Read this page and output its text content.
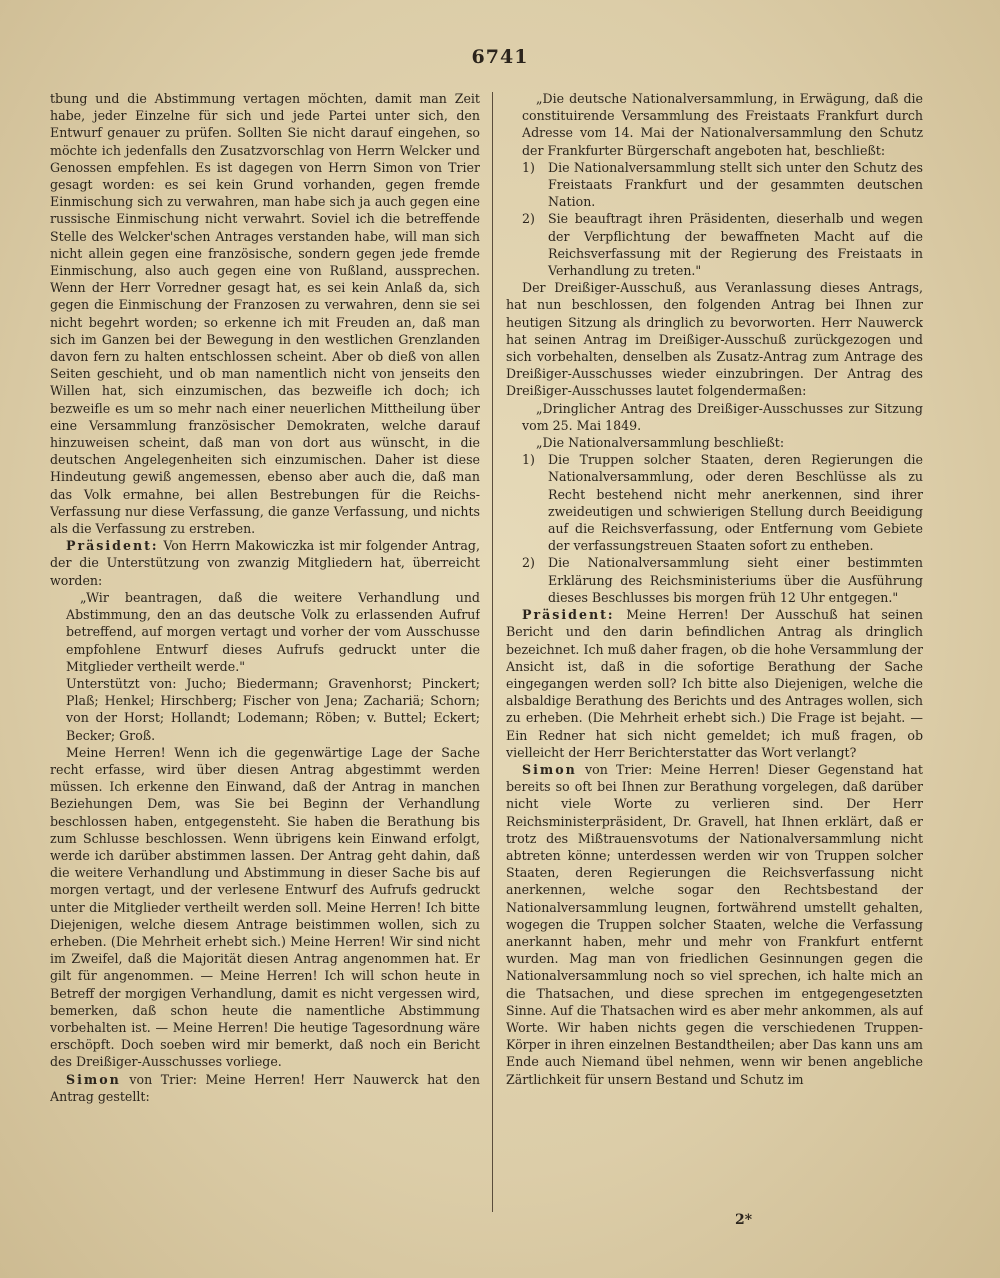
6741

tbung und die Abstimmung vertagen möchten, damit man Zeit habe, jeder Einzelne für sich und jede Partei unter sich, den Entwurf genauer zu prüfen. Sollten Sie nicht darauf eingehen, so möchte ich jedenfalls den Zusatzvorschlag von Herrn Welcker und Genossen empfehlen. Es ist dagegen von Herrn Simon von Trier gesagt worden: es sei kein Grund vorhanden, gegen fremde Einmischung sich zu verwahren, man habe sich ja auch gegen eine russische Einmischung nicht verwahrt. Soviel ich die betreffende Stelle des Welcker'schen Antrages verstanden habe, will man sich nicht allein gegen eine französische, sondern gegen jede fremde Einmischung, also auch gegen eine von Rußland, aussprechen. Wenn der Herr Vorredner gesagt hat, es sei kein Anlaß da, sich gegen die Einmischung der Franzosen zu verwahren, denn sie sei nicht begehrt worden; so erkenne ich mit Freuden an, daß man sich im Ganzen bei der Bewegung in den westlichen Grenzlanden davon fern zu halten entschlossen scheint. Aber ob dieß von allen Seiten geschieht, und ob man namentlich nicht von jenseits den Willen hat, sich einzumischen, das bezweifle ich doch; ich bezweifle es um so mehr nach einer neuerlichen Mittheilung über eine Versammlung französischer Demokraten, welche darauf hinzuweisen scheint, daß man von dort aus wünscht, in die deutschen Angelegenheiten sich einzumischen. Daher ist diese Hindeutung gewiß angemessen, ebenso aber auch die, daß man das Volk ermahne, bei allen Bestrebungen für die Reichs-Verfassung nur diese Verfassung, die ganze Verfassung, und nichts als die Verfassung zu erstreben.

Präsident: Von Herrn Makowiczka ist mir folgender Antrag, der die Unterstützung von zwanzig Mitgliedern hat, überreicht worden:

„Wir beantragen, daß die weitere Verhandlung und Abstimmung, den an das deutsche Volk zu erlassenden Aufruf betreffend, auf morgen vertagt und vorher der vom Ausschusse empfohlene Entwurf dieses Aufrufs gedruckt unter die Mitglieder vertheilt werde."

Unterstützt von: Jucho; Biedermann; Gravenhorst; Pinckert; Plaß; Henkel; Hirschberg; Fischer von Jena; Zachariä; Schorn; von der Horst; Hollandt; Lodemann; Röben; v. Buttel; Eckert; Becker; Groß.

Meine Herren! Wenn ich die gegenwärtige Lage der Sache recht erfasse, wird über diesen Antrag abgestimmt werden müssen. Ich erkenne den Einwand, daß der Antrag in manchen Beziehungen Dem, was Sie bei Beginn der Verhandlung beschlossen haben, entgegensteht. Sie haben die Berathung bis zum Schlusse beschlossen. Wenn übrigens kein Einwand erfolgt, werde ich darüber abstimmen lassen. Der Antrag geht dahin, daß die weitere Verhandlung und Abstimmung in dieser Sache bis auf morgen vertagt, und der verlesene Entwurf des Aufrufs gedruckt unter die Mitglieder vertheilt werden soll. Meine Herren! Ich bitte Diejenigen, welche diesem Antrage beistimmen wollen, sich zu erheben. (Die Mehrheit erhebt sich.) Meine Herren! Wir sind nicht im Zweifel, daß die Majorität diesen Antrag angenommen hat. Er gilt für angenommen. — Meine Herren! Ich will schon heute in Betreff der morgigen Verhandlung, damit es nicht vergessen wird, bemerken, daß schon heute die namentliche Abstimmung vorbehalten ist. — Meine Herren! Die heutige Tagesordnung wäre erschöpft. Doch soeben wird mir bemerkt, daß noch ein Bericht des Dreißiger-Ausschusses vorliege.

Simon von Trier: Meine Herren! Herr Nauwerck hat den Antrag gestellt:

„Die deutsche Nationalversammlung, in Erwägung, daß die constituirende Versammlung des Freistaats Frankfurt durch Adresse vom 14. Mai der Nationalversammlung den Schutz der Frankfurter Bürgerschaft angeboten hat, beschließt:

1) Die Nationalversammlung stellt sich unter den Schutz des Freistaats Frankfurt und der gesammten deutschen Nation.

2) Sie beauftragt ihren Präsidenten, dieserhalb und wegen der Verpflichtung der bewaffneten Macht auf die Reichsverfassung mit der Regierung des Freistaats in Verhandlung zu treten."

Der Dreißiger-Ausschuß, aus Veranlassung dieses Antrags, hat nun beschlossen, den folgenden Antrag bei Ihnen zur heutigen Sitzung als dringlich zu bevorworten. Herr Nauwerck hat seinen Antrag im Dreißiger-Ausschuß zurückgezogen und sich vorbehalten, denselben als Zusatz-Antrag zum Antrage des Dreißiger-Ausschusses wieder einzubringen. Der Antrag des Dreißiger-Ausschusses lautet folgendermaßen:

„Dringlicher Antrag des Dreißiger-Ausschusses zur Sitzung vom 25. Mai 1849.

„Die Nationalversammlung beschließt:

1) Die Truppen solcher Staaten, deren Regierungen die Nationalversammlung, oder deren Beschlüsse als zu Recht bestehend nicht mehr anerkennen, sind ihrer zweideutigen und schwierigen Stellung durch Beeidigung auf die Reichsverfassung, oder Entfernung vom Gebiete der verfassungstreuen Staaten sofort zu entheben.

2) Die Nationalversammlung sieht einer bestimmten Erklärung des Reichsministeriums über die Ausführung dieses Beschlusses bis morgen früh 12 Uhr entgegen."

Präsident: Meine Herren! Der Ausschuß hat seinen Bericht und den darin befindlichen Antrag als dringlich bezeichnet. Ich muß daher fragen, ob die hohe Versammlung der Ansicht ist, daß in die sofortige Berathung der Sache eingegangen werden soll? Ich bitte also Diejenigen, welche die alsbaldige Berathung des Berichts und des Antrages wollen, sich zu erheben. (Die Mehrheit erhebt sich.) Die Frage ist bejaht. — Ein Redner hat sich nicht gemeldet; ich muß fragen, ob vielleicht der Herr Berichterstatter das Wort verlangt?

Simon von Trier: Meine Herren! Dieser Gegenstand hat bereits so oft bei Ihnen zur Berathung vorgelegen, daß darüber nicht viele Worte zu verlieren sind. Der Herr Reichsministerpräsident, Dr. Gravell, hat Ihnen erklärt, daß er trotz des Mißtrauensvotums der Nationalversammlung nicht abtreten könne; unterdessen werden wir von Truppen solcher Staaten, deren Regierungen die Reichsverfassung nicht anerkennen, welche sogar den Rechtsbestand der Nationalversammlung leugnen, fortwährend umstellt gehalten, wogegen die Truppen solcher Staaten, welche die Verfassung anerkannt haben, mehr und mehr von Frankfurt entfernt wurden. Mag man von friedlichen Gesinnungen gegen die Nationalversammlung noch so viel sprechen, ich halte mich an die Thatsachen, und diese sprechen im entgegengesetzten Sinne. Auf die Thatsachen wird es aber mehr ankommen, als auf Worte. Wir haben nichts gegen die verschiedenen Truppen-Körper in ihren einzelnen Bestandtheilen; aber Das kann uns am Ende auch Niemand übel nehmen, wenn wir benen angebliche Zärtlichkeit für unsern Bestand und Schutz im

2*
